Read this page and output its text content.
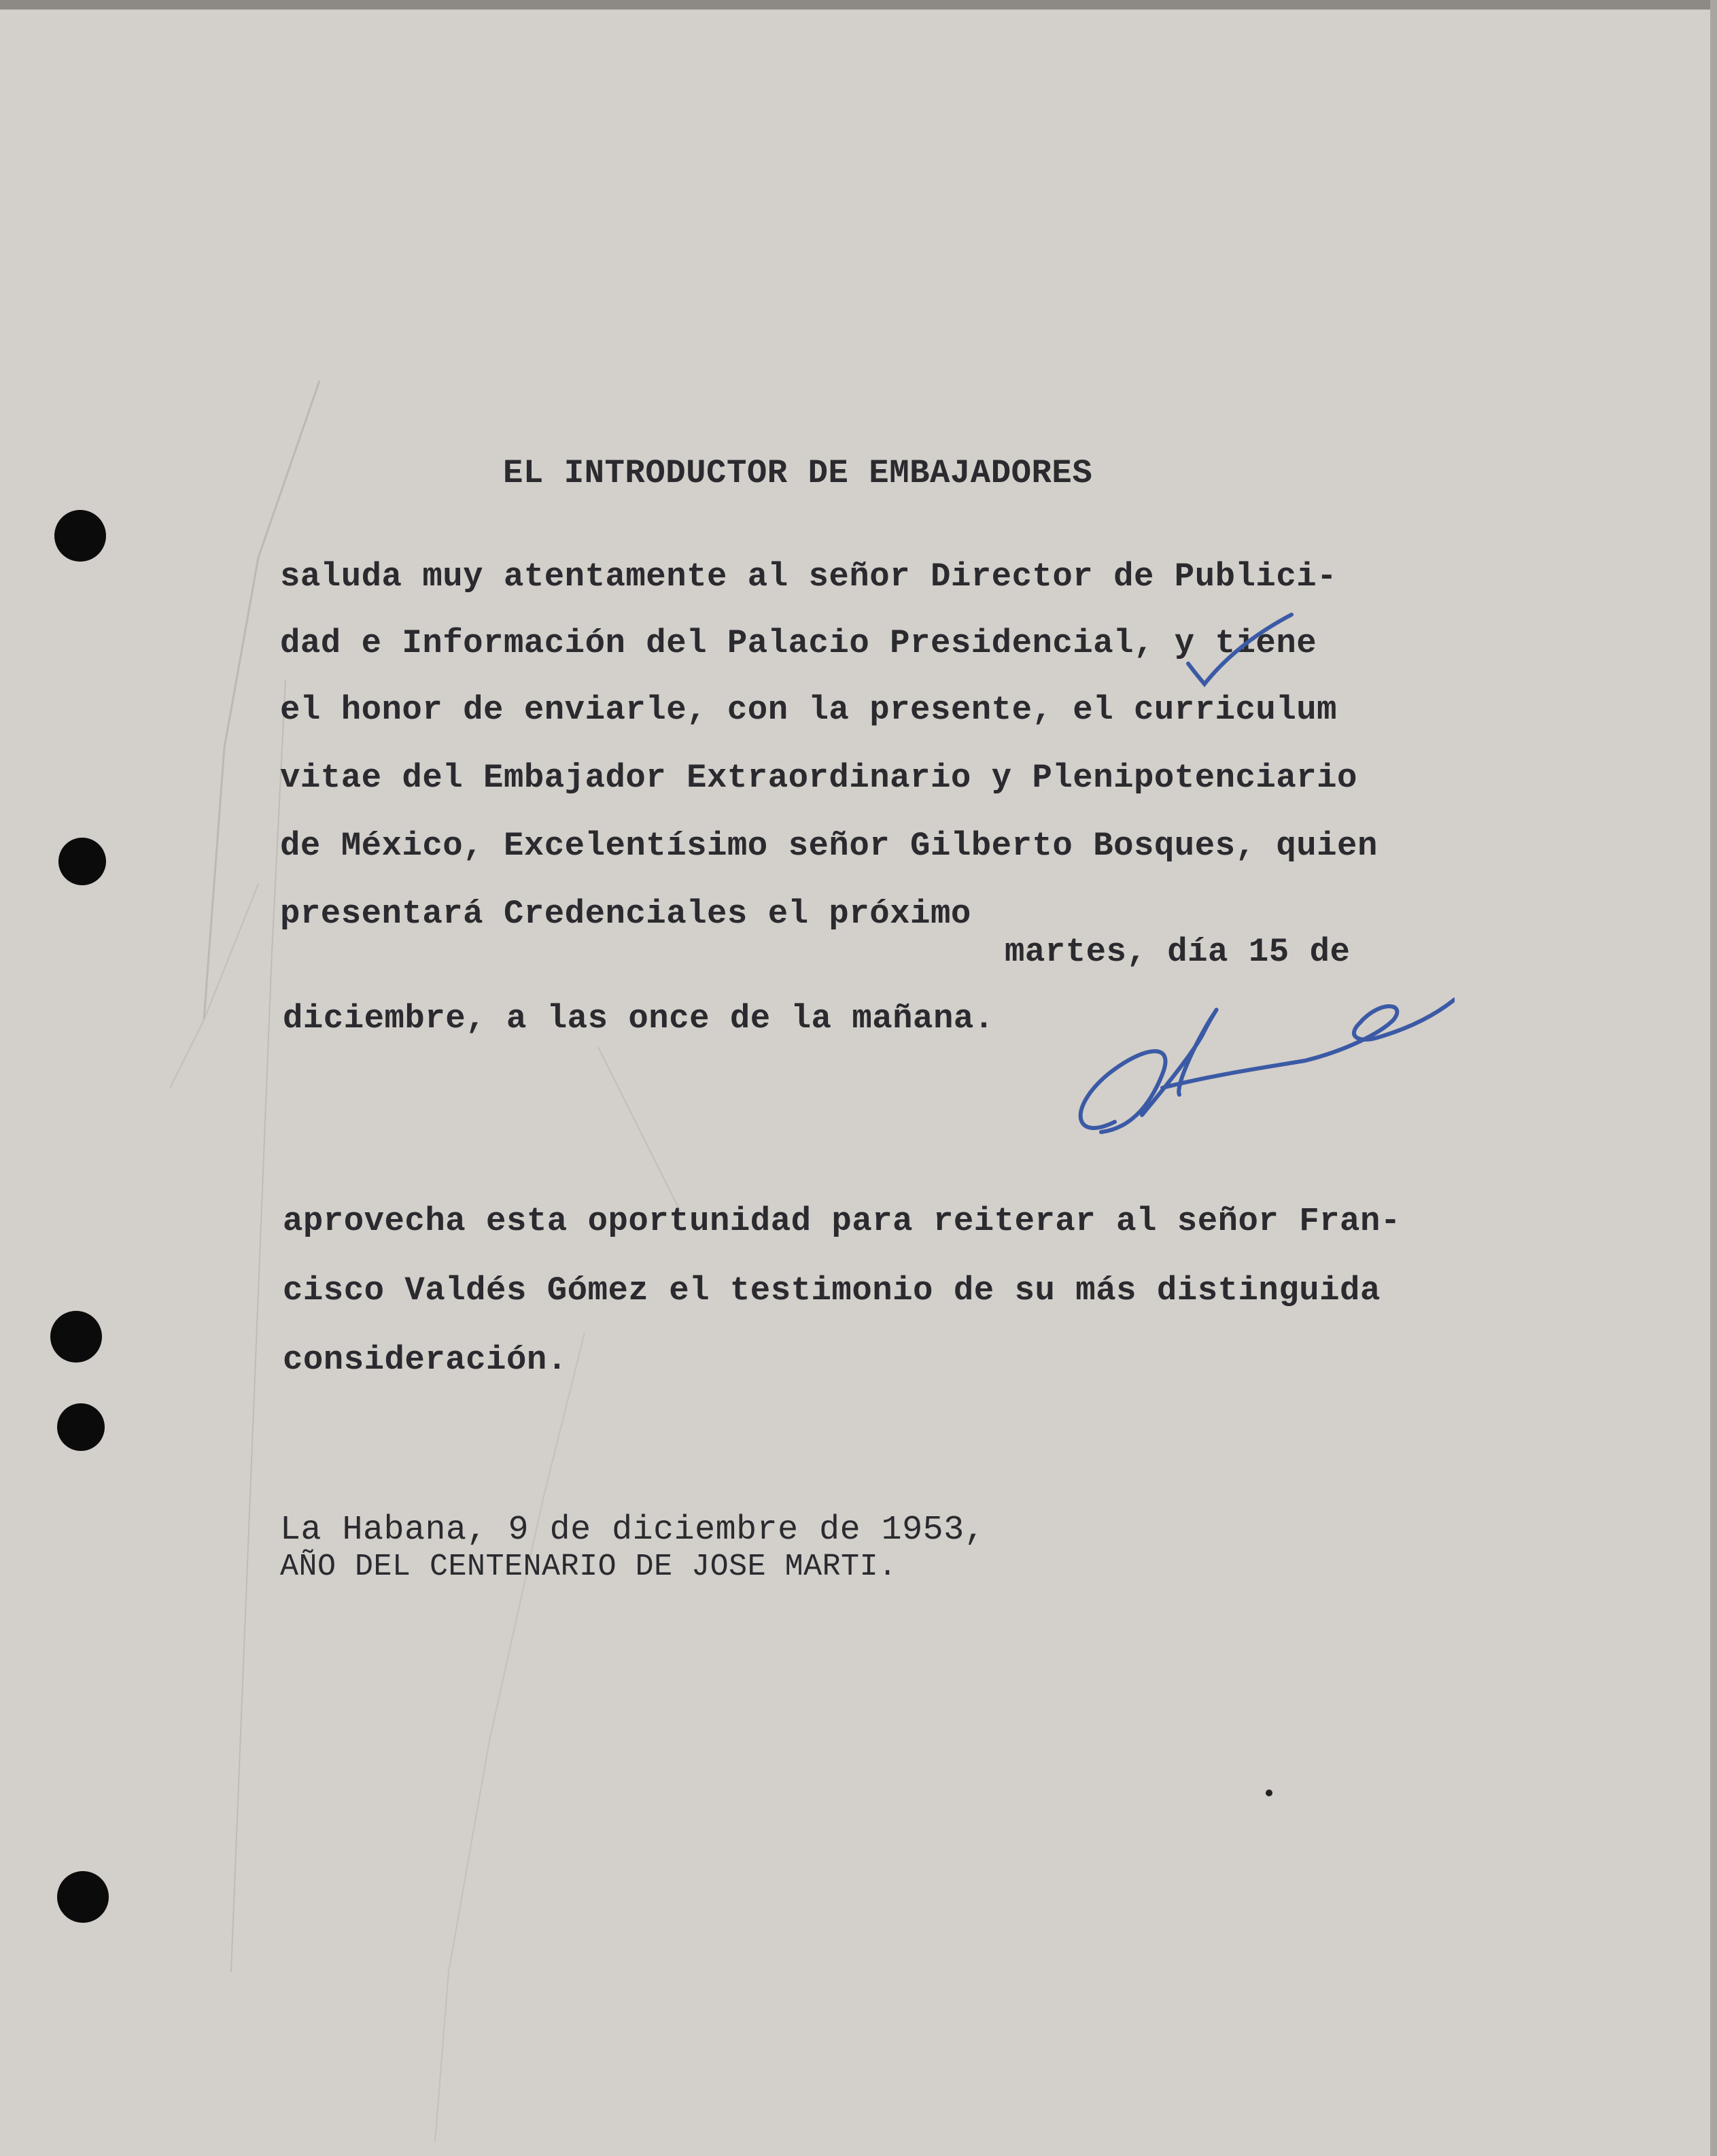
EL INTRODUCTOR DE EMBAJADORES
saluda muy atentamente al señor Director de Publici-
dad e Información del Palacio Presidencial, y tiene
el honor de enviarle, con la presente, el curriculum
vitae del Embajador Extraordinario y Plenipotenciario
de México, Excelentísimo señor Gilberto Bosques, quien
presentará Credenciales el próximo
martes, día 15 de
diciembre, a las once de la mañana.
aprovecha esta oportunidad para reiterar al señor Fran-
cisco Valdés Gómez el testimonio de su más distinguida
consideración.
La Habana, 9 de diciembre de 1953,
AÑO DEL CENTENARIO DE JOSE MARTI.
